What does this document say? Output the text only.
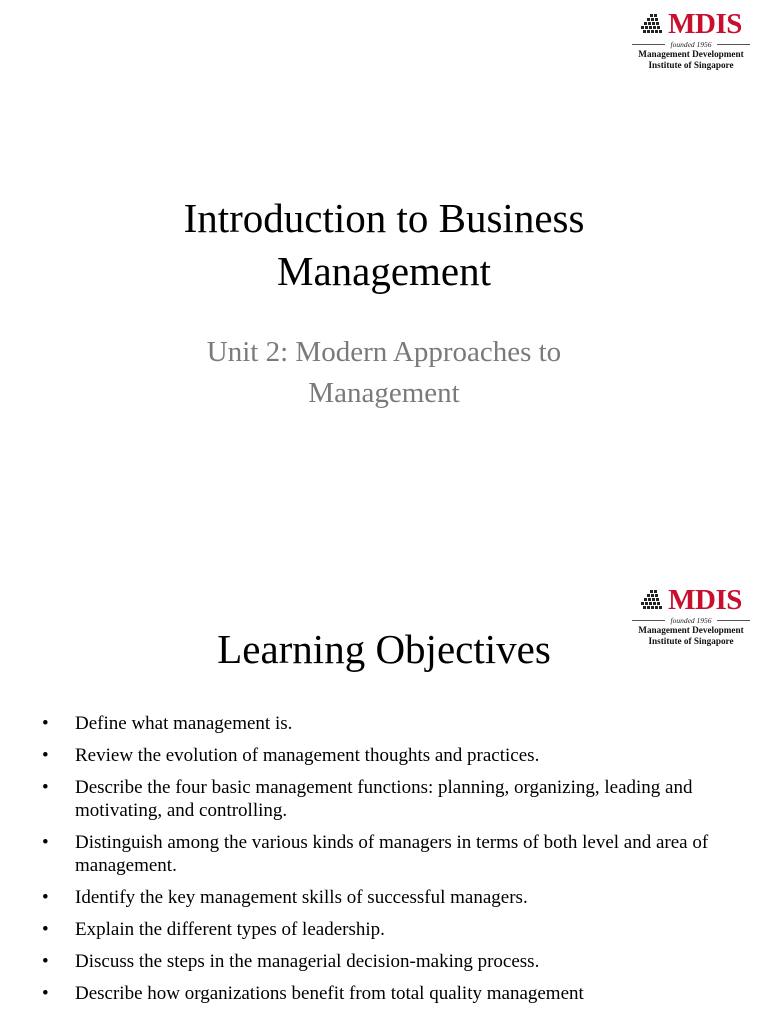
MDIS
founded 1956
Management Development
Institute of Singapore
Introduction to Business
Management
Unit 2: Modern Approaches to
Management
MDIS
founded 1956
Management Development
Institute of Singapore
Learning Objectives
•	Define what management is.
•	Review the evolution of management thoughts and practices.
•	Describe the four basic management functions: planning, organizing, leading and motivating, and controlling.
•	Distinguish among the various kinds of managers in terms of both level and area of management.
•	Identify the key management skills of successful managers.
•	Explain the different types of leadership.
•	Discuss the steps in the managerial decision-making process.
•	Describe how organizations benefit from total quality management
